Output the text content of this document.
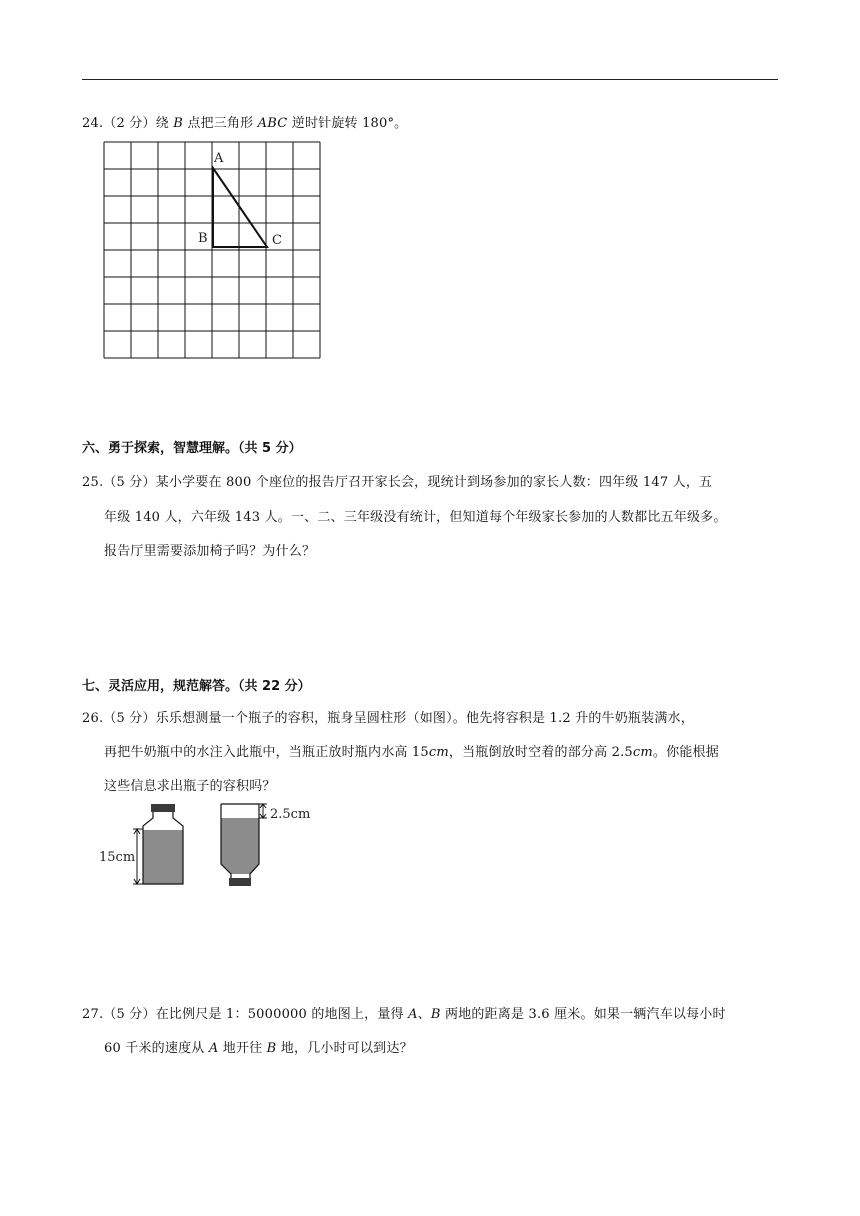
24.（2 分）绕 B 点把三角形 ABC 逆时针旋转 180°。
A
B	C
六、勇于探索，智慧理解。（共 5 分）
25.（5 分）某小学要在 800 个座位的报告厅召开家长会，现统计到场参加的家长人数：四年级 147 人，五
年级 140 人，六年级 143 人。一、二、三年级没有统计，但知道每个年级家长参加的人数都比五年级多。
报告厅里需要添加椅子吗？为什么？
七、灵活应用，规范解答。（共 22 分）
26.（5 分）乐乐想测量一个瓶子的容积，瓶身呈圆柱形（如图）。他先将容积是 1.2 升的牛奶瓶装满水，
再把牛奶瓶中的水注入此瓶中，当瓶正放时瓶内水高 15cm，当瓶倒放时空着的部分高 2.5cm。你能根据
这些信息求出瓶子的容积吗？
15cm
2.5cm
27.（5 分）在比例尺是 1：5000000 的地图上，量得 A、B 两地的距离是 3.6 厘米。如果一辆汽车以每小时
60 千米的速度从 A 地开往 B 地，几小时可以到达？
